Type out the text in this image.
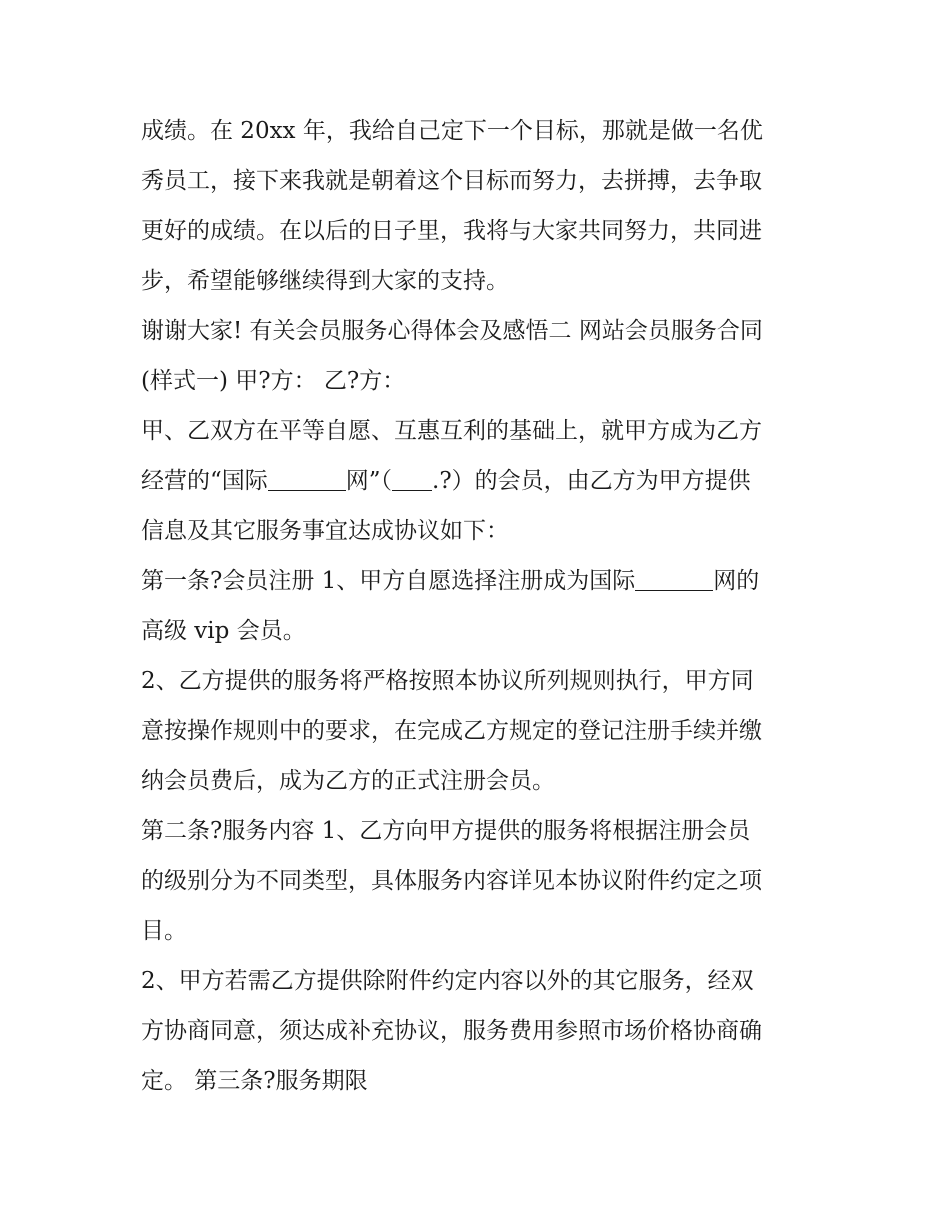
成绩。在 20xx 年，我给自己定下一个目标，那就是做一名优
秀员工，接下来我就是朝着这个目标而努力，去拼搏，去争取
更好的成绩。在以后的日子里，我将与大家共同努力，共同进
步，希望能够继续得到大家的支持。
谢谢大家! 有关会员服务心得体会及感悟二 网站会员服务合同
(样式一) 甲?方： 乙?方：
甲、乙双方在平等自愿、互惠互利的基础上，就甲方成为乙方
经营的“国际	网”（ .?）的会员，由乙方为甲方提供
信息及其它服务事宜达成协议如下：
第一条?会员注册 1、甲方自愿选择注册成为国际	网的
高级 vip 会员。
2、乙方提供的服务将严格按照本协议所列规则执行，甲方同
意按操作规则中的要求，在完成乙方规定的登记注册手续并缴
纳会员费后，成为乙方的正式注册会员。
第二条?服务内容 1、乙方向甲方提供的服务将根据注册会员
的级别分为不同类型，具体服务内容详见本协议附件约定之项
目。
2、甲方若需乙方提供除附件约定内容以外的其它服务，经双
方协商同意，须达成补充协议，服务费用参照市场价格协商确
定。 第三条?服务期限
